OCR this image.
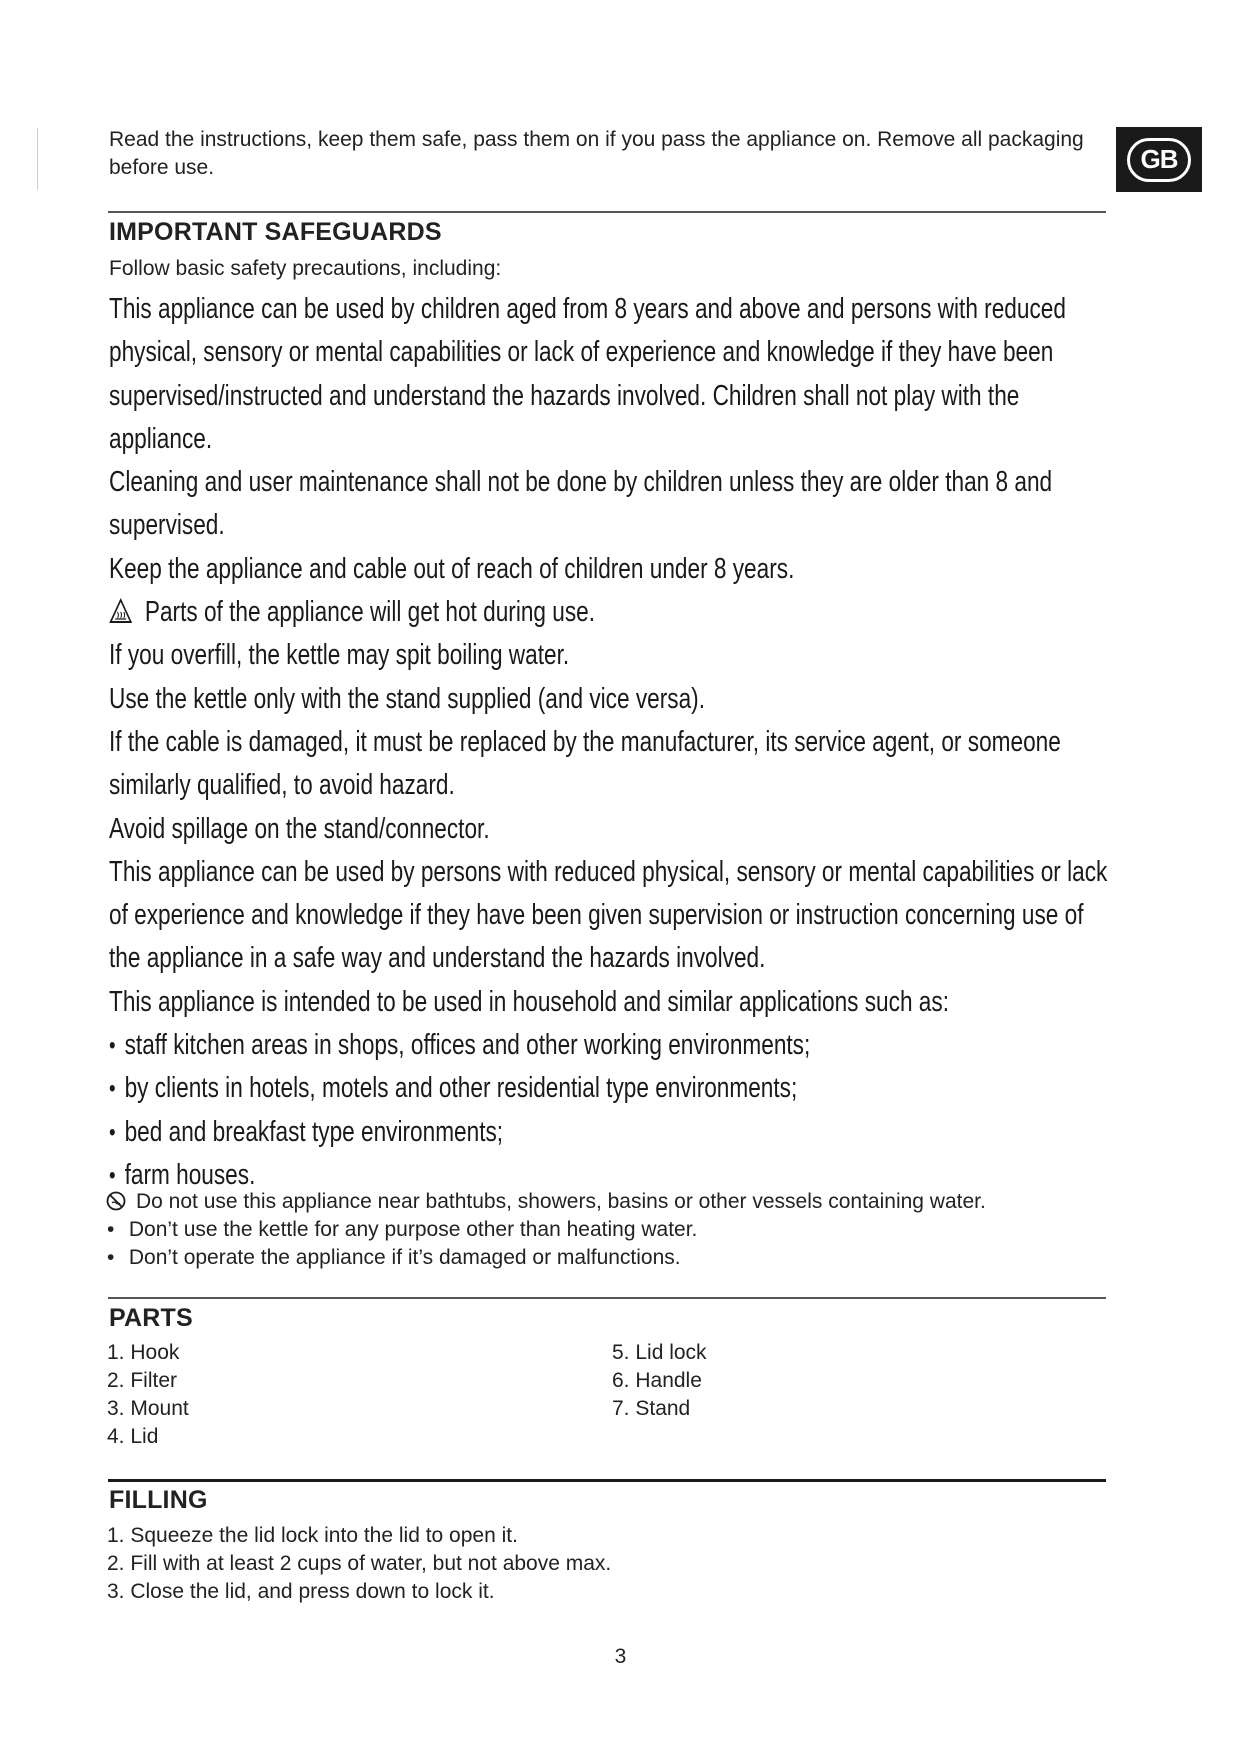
GB
Read the instructions, keep them safe, pass them on if you pass the appliance on. Remove all packaging before use.
IMPORTANT SAFEGUARDS
Follow basic safety precautions, including:
This appliance can be used by children aged from 8 years and above and persons with reduced physical, sensory or mental capabilities or lack of experience and knowledge if they have been supervised/instructed and understand the hazards involved. Children shall not play with the appliance.
Cleaning and user maintenance shall not be done by children unless they are older than 8 and supervised.
Keep the appliance and cable out of reach of children under 8 years.
Parts of the appliance will get hot during use.
If you overfill, the kettle may spit boiling water.
Use the kettle only with the stand supplied (and vice versa).
If the cable is damaged, it must be replaced by the manufacturer, its service agent, or someone similarly qualified, to avoid hazard.
Avoid spillage on the stand/connector.
This appliance can be used by persons with reduced physical, sensory or mental capabilities or lack of experience and knowledge if they have been given supervision or instruction concerning use of the appliance in a safe way and understand the hazards involved.
This appliance is intended to be used in household and similar applications such as:
• staff kitchen areas in shops, offices and other working environments;
• by clients in hotels, motels and other residential type environments;
• bed and breakfast type environments;
• farm houses.
Do not use this appliance near bathtubs, showers, basins or other vessels containing water.
• Don’t use the kettle for any purpose other than heating water.
• Don’t operate the appliance if it’s damaged or malfunctions.
PARTS
1. Hook
2. Filter
3. Mount
4. Lid
5. Lid lock
6. Handle
7. Stand
FILLING
1. Squeeze the lid lock into the lid to open it.
2. Fill with at least 2 cups of water, but not above max.
3. Close the lid, and press down to lock it.
3
